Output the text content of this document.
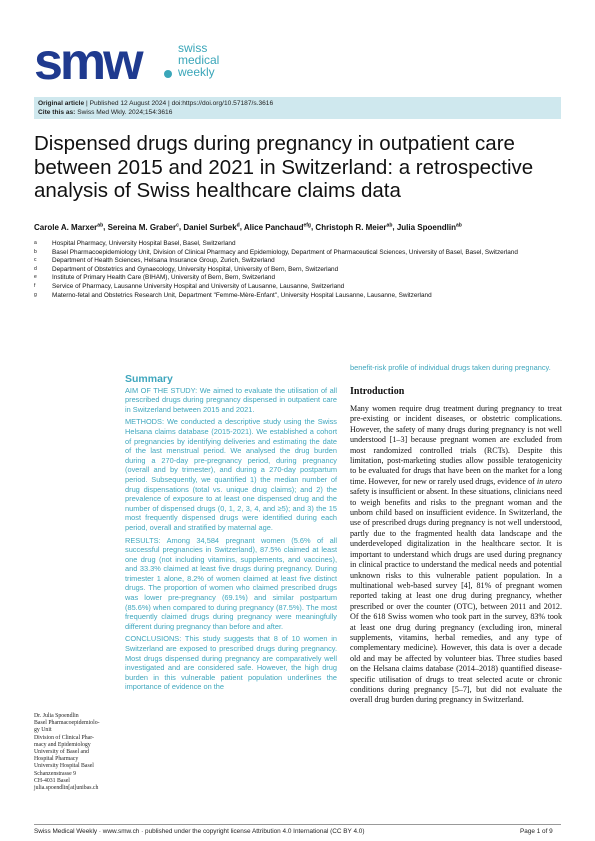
smw	swiss
medical
weekly
Original article | Published 12 August 2024 | doi:https://doi.org/10.57187/s.3616
Cite this as: Swiss Med Wkly. 2024;154:3616
Dispensed drugs during pregnancy in outpatient care between 2015 and 2021 in Switzerland: a retrospective analysis of Swiss healthcare claims data
Carole A. Marxer$^{ab}$, Sereina M. Graber$^c$, Daniel Surbek$^d$, Alice Panchaud$^{efg}$, Christoph R. Meier$^{ab}$, Julia Spoendlin$^{ab}$
a Hospital Pharmacy, University Hospital Basel, Basel, Switzerland
b Basel Pharmacoepidemiology Unit, Division of Clinical Pharmacy and Epidemiology, Department of Pharmaceutical Sciences, University of Basel, Basel, Switzerland
c Department of Health Sciences, Helsana Insurance Group, Zurich, Switzerland
d Department of Obstetrics and Gynaecology, University Hospital, University of Bern, Bern, Switzerland
e Institute of Primary Health Care (BIHAM), University of Bern, Bern, Switzerland
f	Service of Pharmacy, Lausanne University Hospital and University of Lausanne, Lausanne, Switzerland
g Materno-fetal and Obstetrics Research Unit, Department "Femme-Mère-Enfant", University Hospital Lausanne, Lausanne, Switzerland
Summary

AIM OF THE STUDY: We aimed to evaluate the utilisation of all prescribed drugs during pregnancy dispensed in outpatient care in Switzerland between 2015 and 2021.

METHODS: We conducted a descriptive study using the Swiss Helsana claims database (2015-2021). We established a cohort of pregnancies by identifying deliveries and estimating the date of the last menstrual period. We analysed the drug burden during a 270-day pre-pregnancy period, during pregnancy (overall and by trimester), and during a 270-day postpartum period. Subsequently, we quantified 1) the median number of drug dispensations (total vs. unique drug claims); and 2) the prevalence of exposure to at least one dispensed drug and the number of dispensed drugs (0, 1, 2, 3, 4, and ≥5); and 3) the 15 most frequently dispensed drugs were identified during each period, overall and stratified by maternal age.

RESULTS: Among 34,584 pregnant women (5.6% of all successful pregnancies in Switzerland), 87.5% claimed at least one drug (not including vitamins, supplements, and vaccines), and 33.3% claimed at least five drugs during pregnancy. During trimester 1 alone, 8.2% of women claimed at least five distinct drugs. The proportion of women who claimed prescribed drugs was lower pre-pregnancy (69.1%) and similar postpartum (85.6%) when compared to during pregnancy (87.5%). The most frequently claimed drugs during pregnancy were meaningfully different during pregnancy than before and after.

CONCLUSIONS: This study suggests that 8 of 10 women in Switzerland are exposed to prescribed drugs during pregnancy. Most drugs dispensed during pregnancy are comparatively well investigated and are considered safe. However, the high drug burden in this vulnerable patient population underlines the importance of evidence on the

benefit-risk profile of individual drugs taken during pregnancy.

Introduction

Many women require drug treatment during pregnancy to treat pre-existing or incident diseases, or obstetric complications. However, the safety of many drugs during pregnancy is not well understood [1–3] because pregnant women are excluded from most randomized controlled trials (RCTs). Despite this limitation, post-marketing studies allow possible teratogenicity to be evaluated for drugs that have been on the market for a long time. However, for new or rarely used drugs, evidence of in utero safety is insufficient or absent. In these situations, clinicians need to weigh benefits and risks to the pregnant woman and the unborn child based on insufficient evidence. In Switzerland, the use of prescribed drugs during pregnancy is not well understood, partly due to the fragmented health data landscape and the underdeveloped digitalization in the healthcare sector. It is important to understand which drugs are used during pregnancy in clinical practice to understand the medical needs and potential unknown risks to this vulnerable patient population. In a multinational web-based survey [4], 81% of pregnant women reported taking at least one drug during pregnancy, whether prescribed or over the counter (OTC), between 2011 and 2012. Of the 618 Swiss women who took part in the survey, 83% took at least one drug during pregnancy (excluding iron, mineral supplements, vitamins, herbal remedies, and any type of complementary medicine). However, this data is over a decade old and may be affected by volunteer bias. Three studies based on the Helsana claims database (2014–2018) quantified disease-specific utilisation of drugs to treat selected acute or chronic conditions during pregnancy [5–7], but did not evaluate the overall drug burden during pregnancy in Switzerland.

Dr. Julia Spoendlin
Basel Pharmacoepidemiolo-
gy Unit
Division of Clinical Phar-
macy and Epidemiology
University of Basel and
Hospital Pharmacy
University Hospital Basel
Schanzenstrasse 9
CH-4031 Basel
julia.spoendlin[at]unibas.ch
Swiss Medical Weekly · www.smw.ch · published under the copyright license Attribution 4.0 International (CC BY 4.0)	Page 1 of 9
